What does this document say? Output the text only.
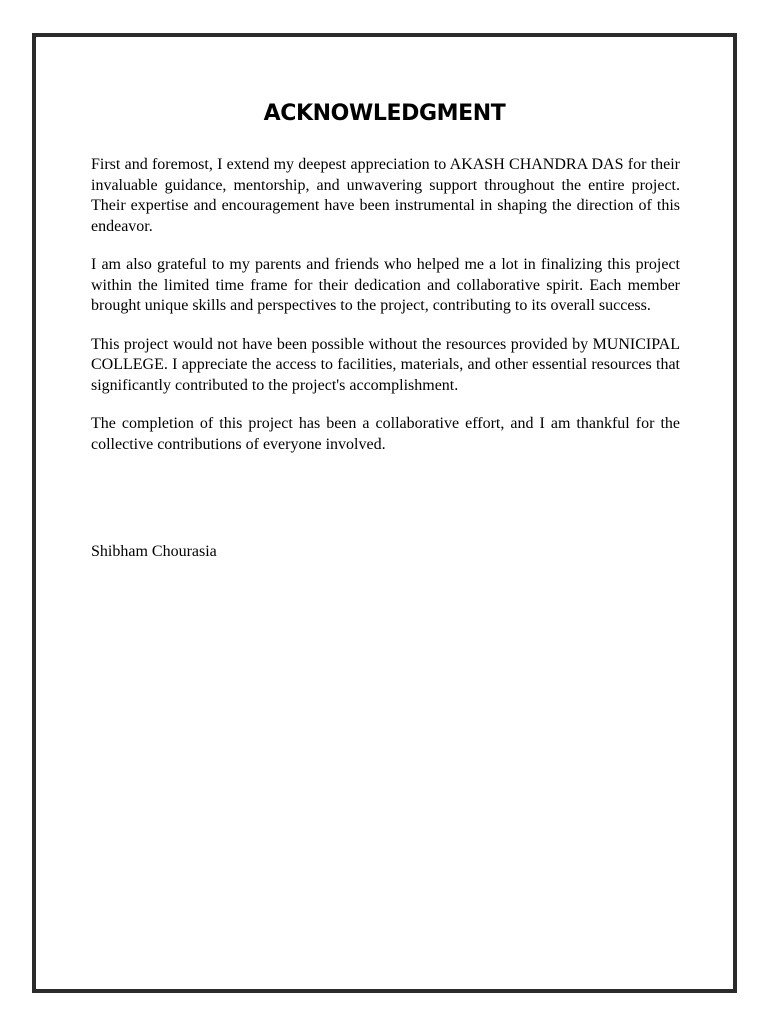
ACKNOWLEDGMENT

First and foremost, I extend my deepest appreciation to AKASH CHANDRA DAS for their invaluable guidance, mentorship, and unwavering support throughout the entire project. Their expertise and encouragement have been instrumental in shaping the direction of this endeavor.

I am also grateful to my parents and friends who helped me a lot in finalizing this project within the limited time frame for their dedication and collaborative spirit. Each member brought unique skills and perspectives to the project, contributing to its overall success.

This project would not have been possible without the resources provided by MUNICIPAL COLLEGE. I appreciate the access to facilities, materials, and other essential resources that significantly contributed to the project's accomplishment.

The completion of this project has been a collaborative effort, and I am thankful for the collective contributions of everyone involved.

Shibham Chourasia
